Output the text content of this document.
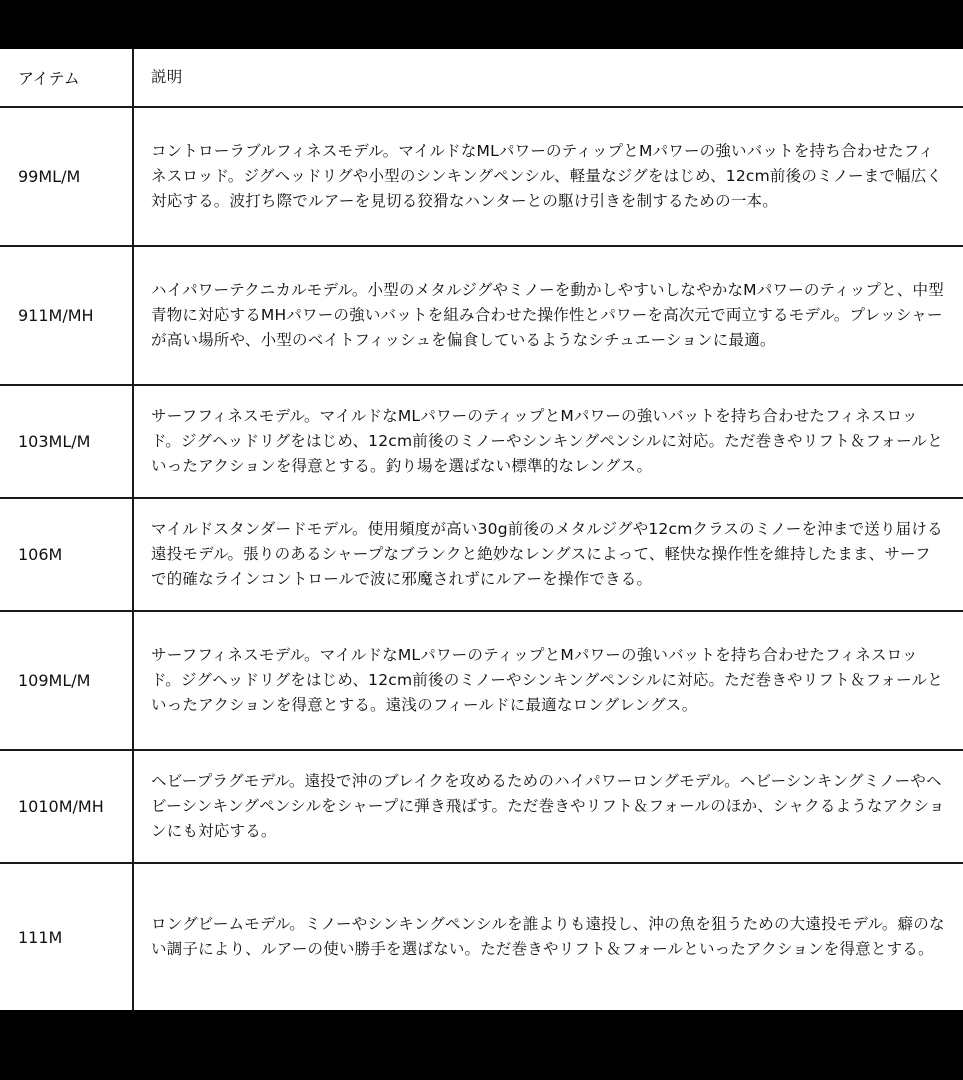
アイテム	説明
99ML/M	コントローラブルフィネスモデル。マイルドなMLパワーのティップとMパワーの強いバットを持ち合わせたフィネスロッド。ジグヘッドリグや小型のシンキングペンシル、軽量なジグをはじめ、12cm前後のミノーまで幅広く対応する。波打ち際でルアーを見切る狡猾なハンターとの駆け引きを制するための一本。
911M/MH	ハイパワーテクニカルモデル。小型のメタルジグやミノーを動かしやすいしなやかなMパワーのティップと、中型青物に対応するMHパワーの強いバットを組み合わせた操作性とパワーを高次元で両立するモデル。プレッシャーが高い場所や、小型のベイトフィッシュを偏食しているようなシチュエーションに最適。
103ML/M	サーフフィネスモデル。マイルドなMLパワーのティップとMパワーの強いバットを持ち合わせたフィネスロッド。ジグヘッドリグをはじめ、12cm前後のミノーやシンキングペンシルに対応。ただ巻きやリフト＆フォールといったアクションを得意とする。釣り場を選ばない標準的なレングス。
106M	マイルドスタンダードモデル。使用頻度が高い30g前後のメタルジグや12cmクラスのミノーを沖まで送り届ける遠投モデル。張りのあるシャープなブランクと絶妙なレングスによって、軽快な操作性を維持したまま、サーフで的確なラインコントロールで波に邪魔されずにルアーを操作できる。
109ML/M	サーフフィネスモデル。マイルドなMLパワーのティップとMパワーの強いバットを持ち合わせたフィネスロッド。ジグヘッドリグをはじめ、12cm前後のミノーやシンキングペンシルに対応。ただ巻きやリフト＆フォールといったアクションを得意とする。遠浅のフィールドに最適なロングレングス。
1010M/MH	ヘビープラグモデル。遠投で沖のブレイクを攻めるためのハイパワーロングモデル。ヘビーシンキングミノーやヘビーシンキングペンシルをシャープに弾き飛ばす。ただ巻きやリフト＆フォールのほか、シャクるようなアクションにも対応する。
111M	ロングビームモデル。ミノーやシンキングペンシルを誰よりも遠投し、沖の魚を狙うための大遠投モデル。癖のない調子により、ルアーの使い勝手を選ばない。ただ巻きやリフト＆フォールといったアクションを得意とする。
